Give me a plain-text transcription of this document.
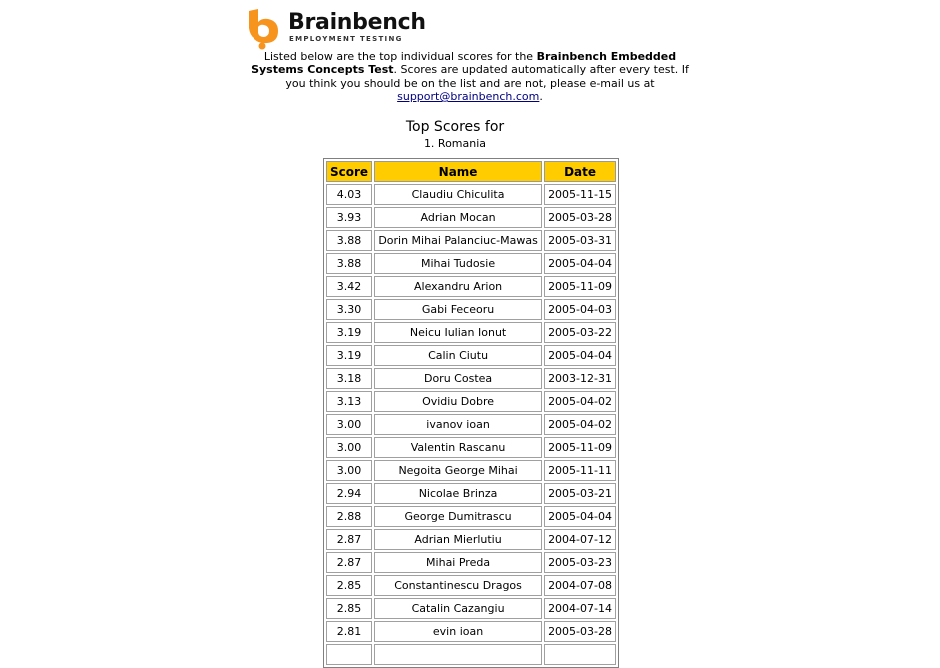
Brainbench
EMPLOYMENT TESTING
Listed below are the top individual scores for the Brainbench Embedded Systems Concepts Test. Scores are updated automatically after every test. If you think you should be on the list and are not, please e-mail us at support@brainbench.com.
Top Scores for
1. Romania
Score	Name	Date
4.03	Claudiu Chiculita	2005-11-15
3.93	Adrian Mocan	2005-03-28
3.88	Dorin Mihai Palanciuc-Mawas	2005-03-31
3.88	Mihai Tudosie	2005-04-04
3.42	Alexandru Arion	2005-11-09
3.30	Gabi Feceoru	2005-04-03
3.19	Neicu Iulian Ionut	2005-03-22
3.19	Calin Ciutu	2005-04-04
3.18	Doru Costea	2003-12-31
3.13	Ovidiu Dobre	2005-04-02
3.00	ivanov ioan	2005-04-02
3.00	Valentin Rascanu	2005-11-09
3.00	Negoita George Mihai	2005-11-11
2.94	Nicolae Brinza	2005-03-21
2.88	George Dumitrascu	2005-04-04
2.87	Adrian Mierlutiu	2004-07-12
2.87	Mihai Preda	2005-03-23
2.85	Constantinescu Dragos	2004-07-08
2.85	Catalin Cazangiu	2004-07-14
2.81	evin ioan	2005-03-28
